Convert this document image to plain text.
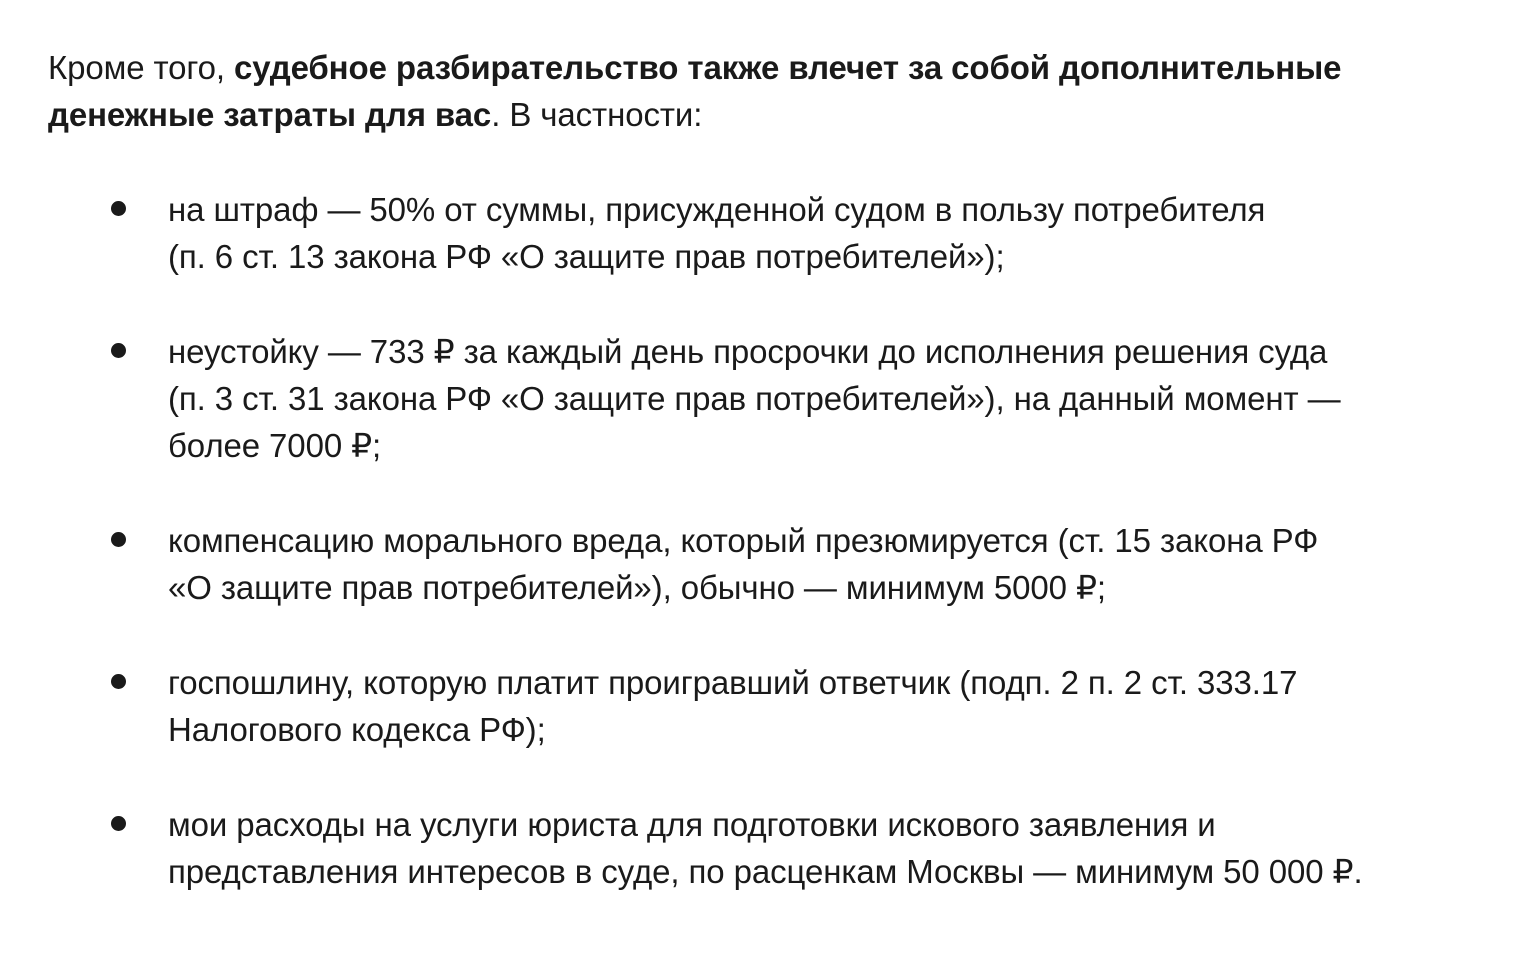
Кроме того, судебное разбирательство также влечет за собой дополнительные денежные затраты для вас. В частности:

на штраф — 50% от суммы, присужденной судом в пользу потребителя
(п. 6 ст. 13 закона РФ «О защите прав потребителей»);
неустойку — 733 ₽ за каждый день просрочки до исполнения решения суда
(п. 3 ст. 31 закона РФ «О защите прав потребителей»), на данный момент —
более 7000 ₽;
компенсацию морального вреда, который презюмируется (ст. 15 закона РФ
«О защите прав потребителей»), обычно — минимум 5000 ₽;
госпошлину, которую платит проигравший ответчик (подп. 2 п. 2 ст. 333.17
Налогового кодекса РФ);
мои расходы на услуги юриста для подготовки искового заявления и
представления интересов в суде, по расценкам Москвы — минимум 50 000 ₽.
